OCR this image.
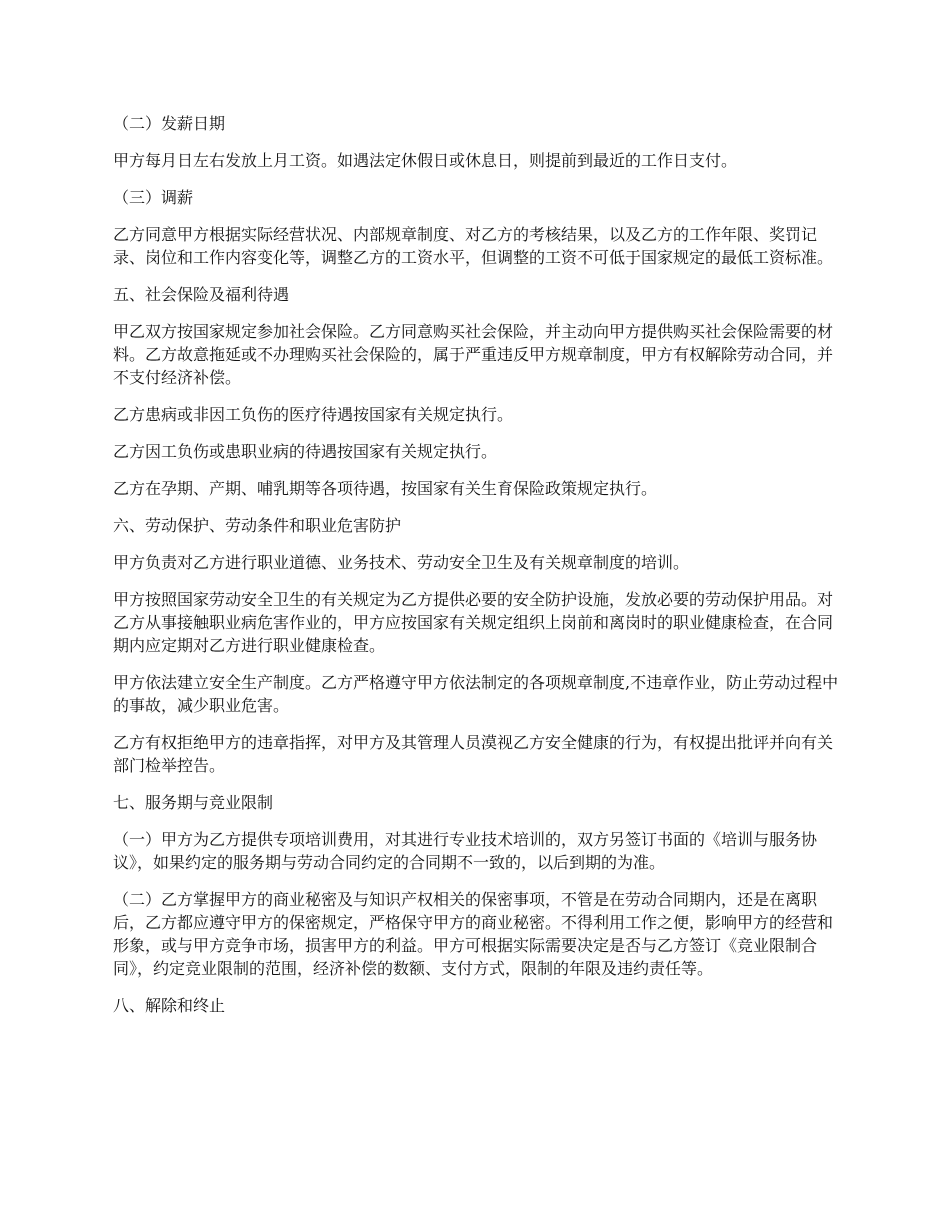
（二）发薪日期

甲方每月日左右发放上月工资。如遇法定休假日或休息日，则提前到最近的工作日支付。

（三）调薪

乙方同意甲方根据实际经营状况、内部规章制度、对乙方的考核结果，以及乙方的工作年限、奖罚记录、岗位和工作内容变化等，调整乙方的工资水平，但调整的工资不可低于国家规定的最低工资标准。

五、社会保险及福利待遇

甲乙双方按国家规定参加社会保险。乙方同意购买社会保险，并主动向甲方提供购买社会保险需要的材料。乙方故意拖延或不办理购买社会保险的，属于严重违反甲方规章制度，甲方有权解除劳动合同，并不支付经济补偿。

乙方患病或非因工负伤的医疗待遇按国家有关规定执行。

乙方因工负伤或患职业病的待遇按国家有关规定执行。

乙方在孕期、产期、哺乳期等各项待遇，按国家有关生育保险政策规定执行。

六、劳动保护、劳动条件和职业危害防护

甲方负责对乙方进行职业道德、业务技术、劳动安全卫生及有关规章制度的培训。

甲方按照国家劳动安全卫生的有关规定为乙方提供必要的安全防护设施，发放必要的劳动保护用品。对乙方从事接触职业病危害作业的，甲方应按国家有关规定组织上岗前和离岗时的职业健康检查，在合同期内应定期对乙方进行职业健康检查。

甲方依法建立安全生产制度。乙方严格遵守甲方依法制定的各项规章制度,不违章作业，防止劳动过程中的事故，减少职业危害。

乙方有权拒绝甲方的违章指挥，对甲方及其管理人员漠视乙方安全健康的行为，有权提出批评并向有关部门检举控告。

七、服务期与竞业限制

（一）甲方为乙方提供专项培训费用，对其进行专业技术培训的，双方另签订书面的《培训与服务协议》，如果约定的服务期与劳动合同约定的合同期不一致的，以后到期的为准。

（二）乙方掌握甲方的商业秘密及与知识产权相关的保密事项，不管是在劳动合同期内，还是在离职后，乙方都应遵守甲方的保密规定，严格保守甲方的商业秘密。不得利用工作之便，影响甲方的经营和形象，或与甲方竞争市场，损害甲方的利益。甲方可根据实际需要决定是否与乙方签订《竞业限制合同》，约定竞业限制的范围，经济补偿的数额、支付方式，限制的年限及违约责任等。

八、解除和终止
